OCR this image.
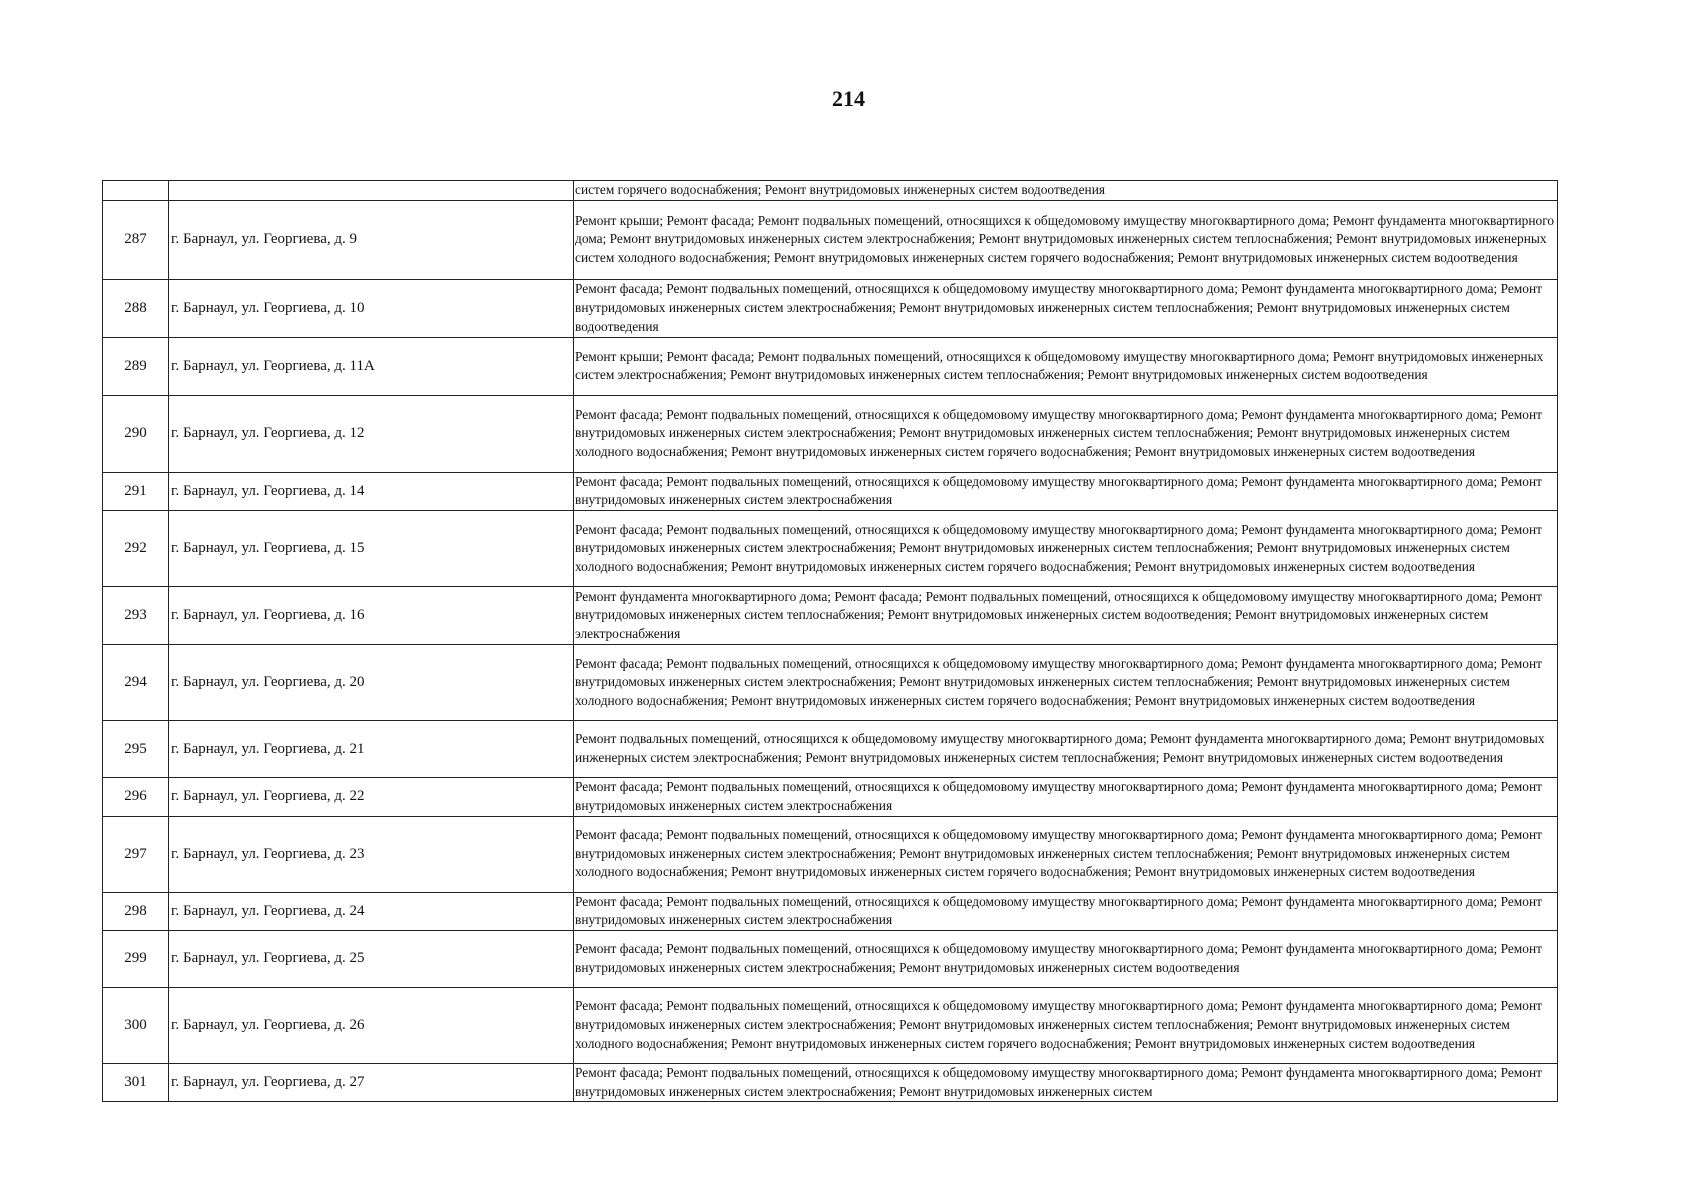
214
		систем горячего водоснабжения; Ремонт внутридомовых инженерных систем водоотведения
287	г. Барнаул, ул. Георгиева, д. 9	Ремонт крыши; Ремонт фасада; Ремонт подвальных помещений, относящихся к общедомовому имуществу многоквартирного дома; Ремонт фундамента многоквартирного дома; Ремонт внутридомовых инженерных систем электроснабжения; Ремонт внутридомовых инженерных систем теплоснабжения; Ремонт внутридомовых инженерных систем холодного водоснабжения; Ремонт внутридомовых инженерных систем горячего водоснабжения; Ремонт внутридомовых инженерных систем водоотведения
288	г. Барнаул, ул. Георгиева, д. 10	Ремонт фасада; Ремонт подвальных помещений, относящихся к общедомовому имуществу многоквартирного дома; Ремонт фундамента многоквартирного дома; Ремонт внутридомовых инженерных систем электроснабжения; Ремонт внутридомовых инженерных систем теплоснабжения; Ремонт внутридомовых инженерных систем водоотведения
289	г. Барнаул, ул. Георгиева, д. 11А	Ремонт крыши; Ремонт фасада; Ремонт подвальных помещений, относящихся к общедомовому имуществу многоквартирного дома; Ремонт внутридомовых инженерных систем электроснабжения; Ремонт внутридомовых инженерных систем теплоснабжения; Ремонт внутридомовых инженерных систем водоотведения
290	г. Барнаул, ул. Георгиева, д. 12	Ремонт фасада; Ремонт подвальных помещений, относящихся к общедомовому имуществу многоквартирного дома; Ремонт фундамента многоквартирного дома; Ремонт внутридомовых инженерных систем электроснабжения; Ремонт внутридомовых инженерных систем теплоснабжения; Ремонт внутридомовых инженерных систем холодного водоснабжения; Ремонт внутридомовых инженерных систем горячего водоснабжения; Ремонт внутридомовых инженерных систем водоотведения
291	г. Барнаул, ул. Георгиева, д. 14	Ремонт фасада; Ремонт подвальных помещений, относящихся к общедомовому имуществу многоквартирного дома; Ремонт фундамента многоквартирного дома; Ремонт внутридомовых инженерных систем электроснабжения
292	г. Барнаул, ул. Георгиева, д. 15	Ремонт фасада; Ремонт подвальных помещений, относящихся к общедомовому имуществу многоквартирного дома; Ремонт фундамента многоквартирного дома; Ремонт внутридомовых инженерных систем электроснабжения; Ремонт внутридомовых инженерных систем теплоснабжения; Ремонт внутридомовых инженерных систем холодного водоснабжения; Ремонт внутридомовых инженерных систем горячего водоснабжения; Ремонт внутридомовых инженерных систем водоотведения
293	г. Барнаул, ул. Георгиева, д. 16	Ремонт фундамента многоквартирного дома; Ремонт фасада; Ремонт подвальных помещений, относящихся к общедомовому имуществу многоквартирного дома; Ремонт внутридомовых инженерных систем теплоснабжения; Ремонт внутридомовых инженерных систем водоотведения; Ремонт внутридомовых инженерных систем электроснабжения
294	г. Барнаул, ул. Георгиева, д. 20	Ремонт фасада; Ремонт подвальных помещений, относящихся к общедомовому имуществу многоквартирного дома; Ремонт фундамента многоквартирного дома; Ремонт внутридомовых инженерных систем электроснабжения; Ремонт внутридомовых инженерных систем теплоснабжения; Ремонт внутридомовых инженерных систем холодного водоснабжения; Ремонт внутридомовых инженерных систем горячего водоснабжения; Ремонт внутридомовых инженерных систем водоотведения
295	г. Барнаул, ул. Георгиева, д. 21	Ремонт подвальных помещений, относящихся к общедомовому имуществу многоквартирного дома; Ремонт фундамента многоквартирного дома; Ремонт внутридомовых инженерных систем электроснабжения; Ремонт внутридомовых инженерных систем теплоснабжения; Ремонт внутридомовых инженерных систем водоотведения
296	г. Барнаул, ул. Георгиева, д. 22	Ремонт фасада; Ремонт подвальных помещений, относящихся к общедомовому имуществу многоквартирного дома; Ремонт фундамента многоквартирного дома; Ремонт внутридомовых инженерных систем электроснабжения
297	г. Барнаул, ул. Георгиева, д. 23	Ремонт фасада; Ремонт подвальных помещений, относящихся к общедомовому имуществу многоквартирного дома; Ремонт фундамента многоквартирного дома; Ремонт внутридомовых инженерных систем электроснабжения; Ремонт внутридомовых инженерных систем теплоснабжения; Ремонт внутридомовых инженерных систем холодного водоснабжения; Ремонт внутридомовых инженерных систем горячего водоснабжения; Ремонт внутридомовых инженерных систем водоотведения
298	г. Барнаул, ул. Георгиева, д. 24	Ремонт фасада; Ремонт подвальных помещений, относящихся к общедомовому имуществу многоквартирного дома; Ремонт фундамента многоквартирного дома; Ремонт внутридомовых инженерных систем электроснабжения
299	г. Барнаул, ул. Георгиева, д. 25	Ремонт фасада; Ремонт подвальных помещений, относящихся к общедомовому имуществу многоквартирного дома; Ремонт фундамента многоквартирного дома; Ремонт внутридомовых инженерных систем электроснабжения; Ремонт внутридомовых инженерных систем водоотведения
300	г. Барнаул, ул. Георгиева, д. 26	Ремонт фасада; Ремонт подвальных помещений, относящихся к общедомовому имуществу многоквартирного дома; Ремонт фундамента многоквартирного дома; Ремонт внутридомовых инженерных систем электроснабжения; Ремонт внутридомовых инженерных систем теплоснабжения; Ремонт внутридомовых инженерных систем холодного водоснабжения; Ремонт внутридомовых инженерных систем горячего водоснабжения; Ремонт внутридомовых инженерных систем водоотведения
301	г. Барнаул, ул. Георгиева, д. 27	Ремонт фасада; Ремонт подвальных помещений, относящихся к общедомовому имуществу многоквартирного дома; Ремонт фундамента многоквартирного дома; Ремонт внутридомовых инженерных систем электроснабжения; Ремонт внутридомовых инженерных систем
